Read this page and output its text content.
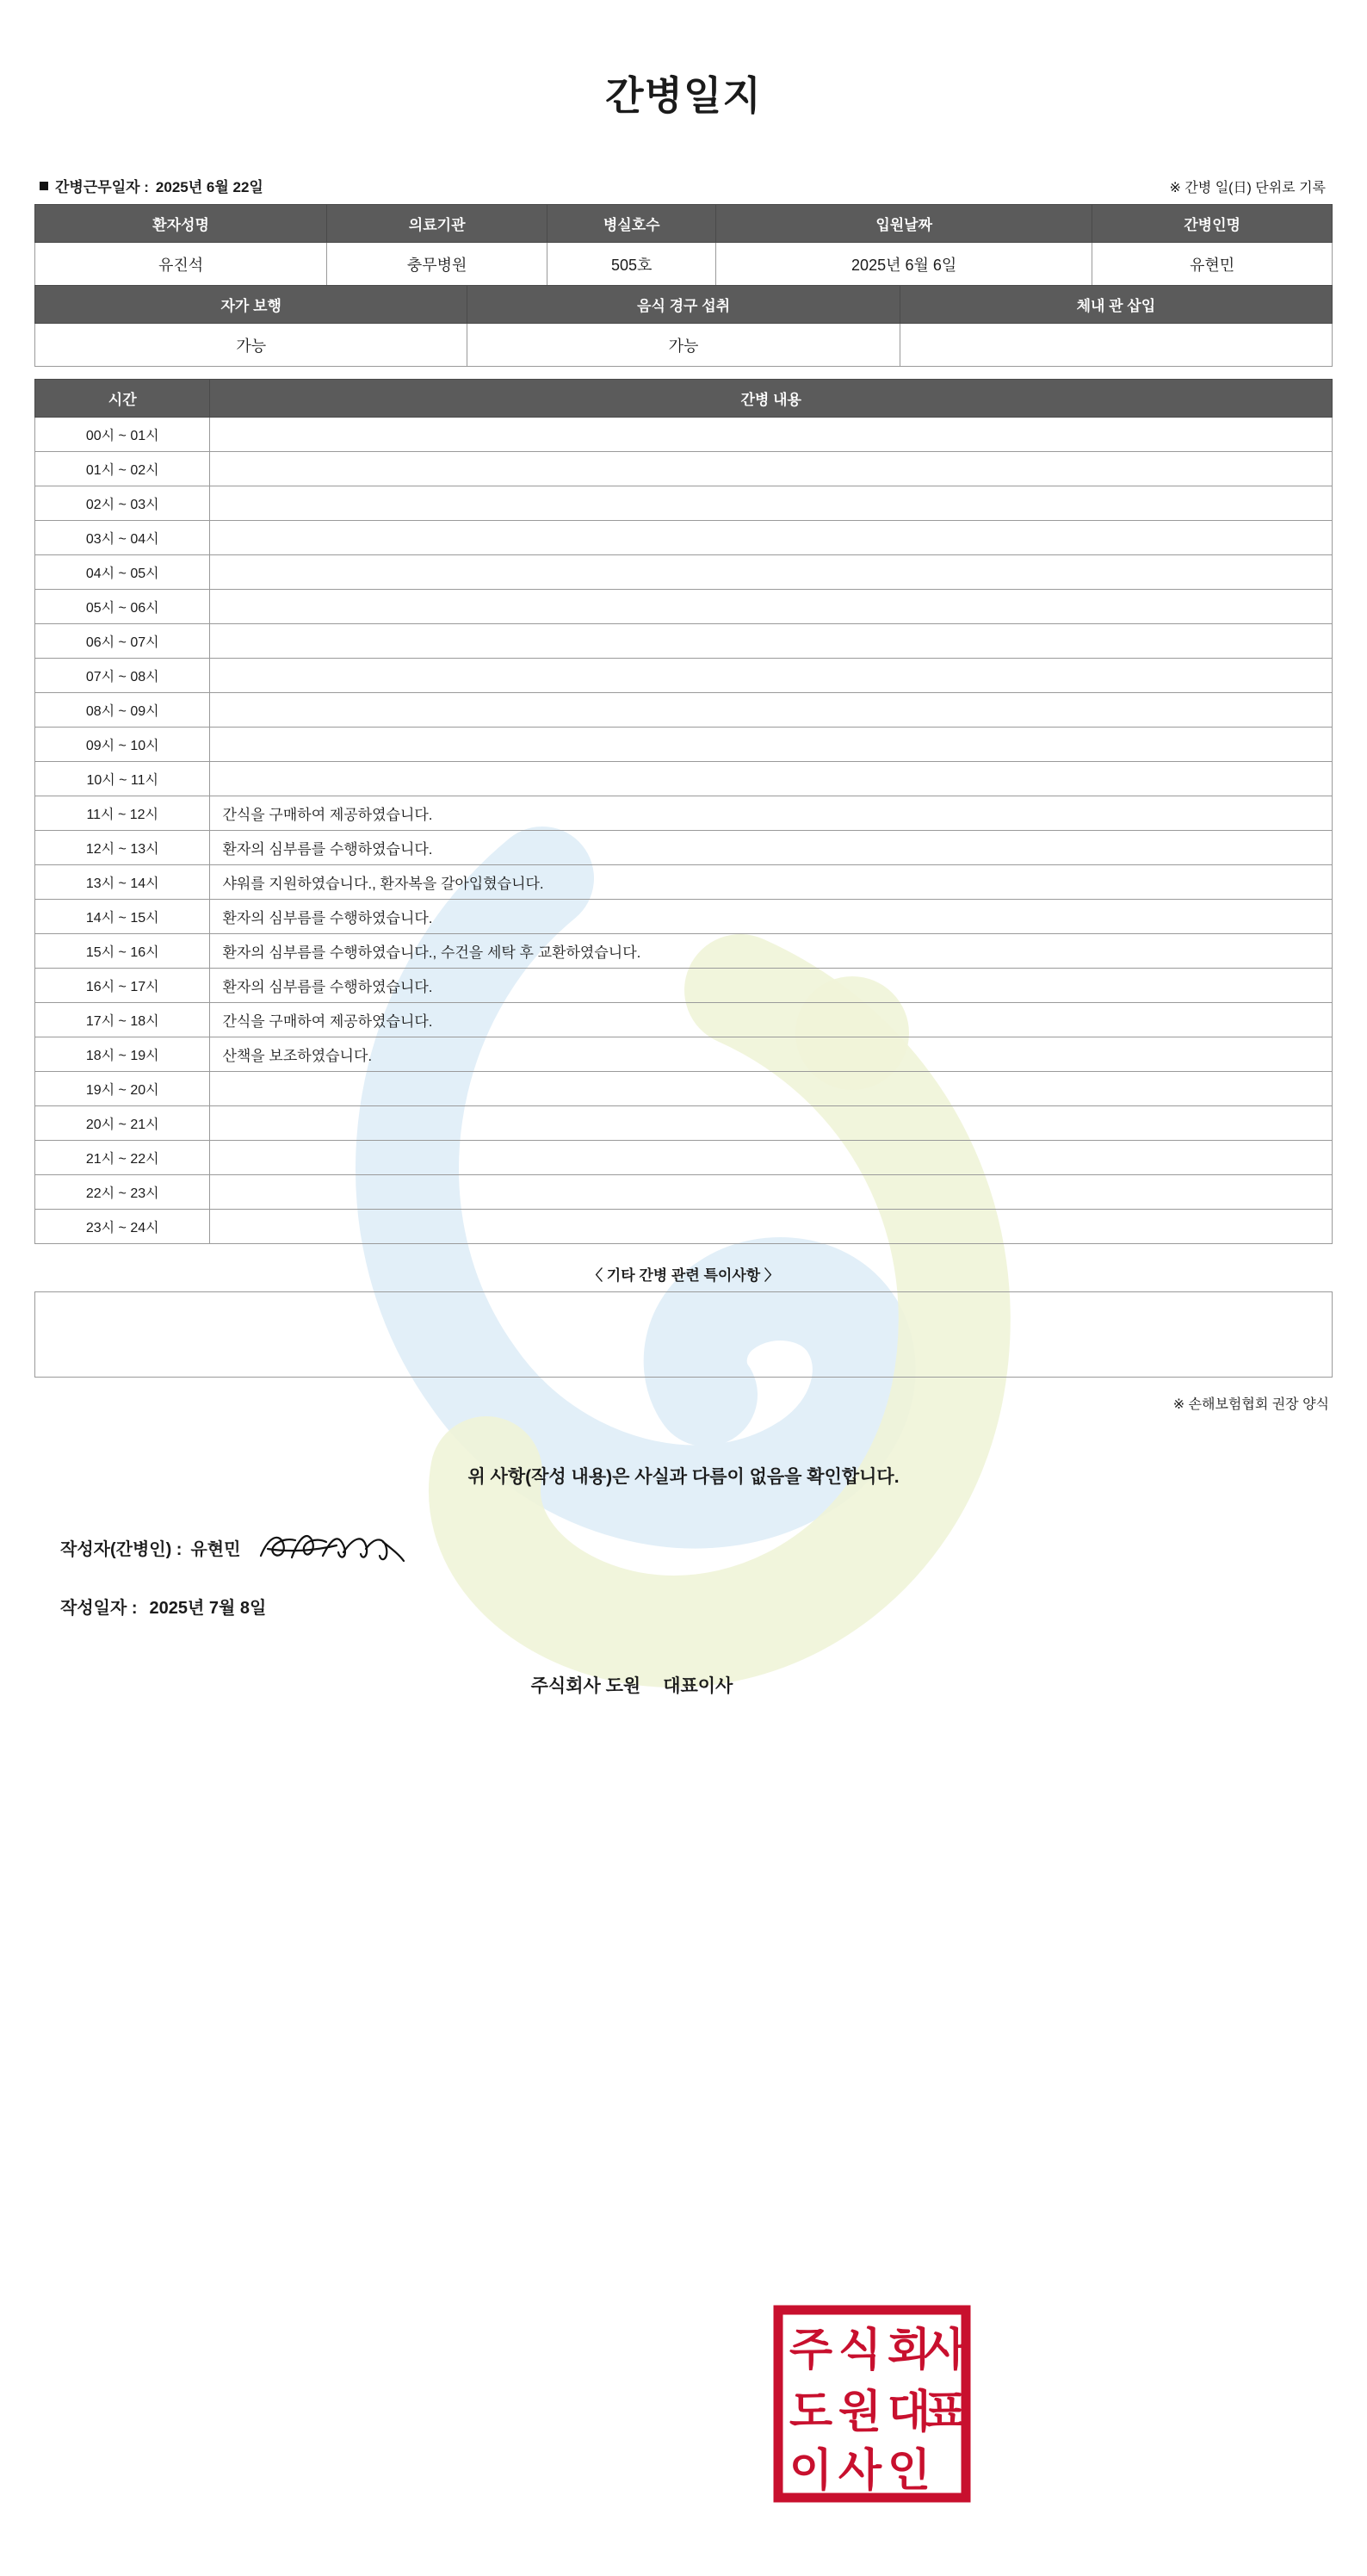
간병일지
간병근무일자 : 2025년 6월 22일	※ 간병 일(日) 단위로 기록
환자성명	의료기관	병실호수	입원날짜	간병인명
유진석	충무병원	505호	2025년 6월 6일	유현민
자가 보행	음식 경구 섭취	체내 관 삽입
가능	가능	
시간	간병 내용
00시 ~ 01시	
01시 ~ 02시	
02시 ~ 03시	
03시 ~ 04시	
04시 ~ 05시	
05시 ~ 06시	
06시 ~ 07시	
07시 ~ 08시	
08시 ~ 09시	
09시 ~ 10시	
10시 ~ 11시	
11시 ~ 12시	간식을 구매하여 제공하였습니다.
12시 ~ 13시	환자의 심부름를 수행하였습니다.
13시 ~ 14시	샤워를 지원하였습니다., 환자복을 갈아입혔습니다.
14시 ~ 15시	환자의 심부름를 수행하였습니다.
15시 ~ 16시	환자의 심부름를 수행하였습니다., 수건을 세탁 후 교환하였습니다.
16시 ~ 17시	환자의 심부름를 수행하였습니다.
17시 ~ 18시	간식을 구매하여 제공하였습니다.
18시 ~ 19시	산책을 보조하였습니다.
19시 ~ 20시	
20시 ~ 21시	
21시 ~ 22시	
22시 ~ 23시	
23시 ~ 24시	
〈 기타 간병 관련 특이사항 〉
※ 손해보험협회 권장 양식
위 사항(작성 내용)은 사실과 다름이 없음을 확인합니다.
작성자(간병인) : 유현민
작성일자 : 2025년 7월 8일
주식회사 도원 대표이사
주 식 회
사
도 원 대
표
이 사 인
